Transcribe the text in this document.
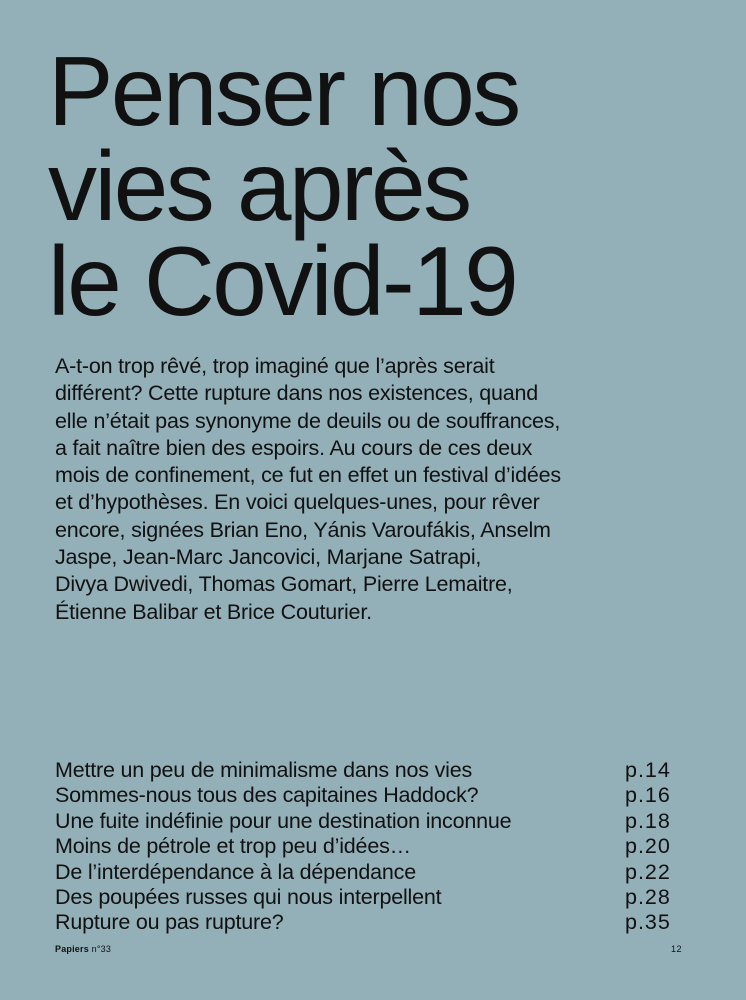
Penser nos
vies après
le Covid-19

A-t-on trop rêvé, trop imaginé que l’après serait
différent? Cette rupture dans nos existences, quand
elle n’était pas synonyme de deuils ou de souffrances,
a fait naître bien des espoirs. Au cours de ces deux
mois de confinement, ce fut en effet un festival d’idées
et d’hypothèses. En voici quelques-unes, pour rêver
encore, signées Brian Eno, Yánis Varoufákis, Anselm
Jaspe, Jean-Marc Jancovici, Marjane Satrapi,
Divya Dwivedi, Thomas Gomart, Pierre Lemaitre,
Étienne Balibar et Brice Couturier.

Mettre un peu de minimalisme dans nos vies	p.14
Sommes-nous tous des capitaines Haddock?	p.16
Une fuite indéfinie pour une destination inconnue	p.18
Moins de pétrole et trop peu d’idées…	p.20
De l’interdépendance à la dépendance	p.22
Des poupées russes qui nous interpellent	p.28
Rupture ou pas rupture?	p.35
Papiers n°33	12
